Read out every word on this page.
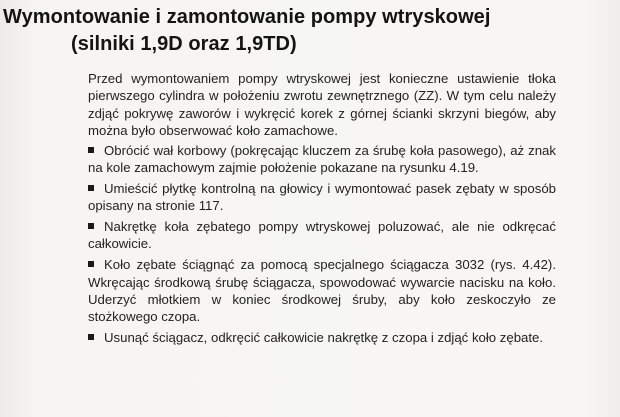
Wymontowanie i zamontowanie pompy wtryskowej
(silniki 1,9D oraz 1,9TD)

Przed wymontowaniem pompy wtryskowej jest konieczne ustawienie tłoka pierwszego cylindra w położeniu zwrotu zewnętrznego (ZZ). W tym celu należy zdjąć pokrywę zaworów i wykręcić korek z górnej ścianki skrzyni biegów, aby można było obserwować koło zamachowe.

Obrócić wał korbowy (pokręcając kluczem za śrubę koła pasowego), aż znak na kole zamachowym zajmie położenie pokazane na rysunku 4.19.

Umieścić płytkę kontrolną na głowicy i wymontować pasek zębaty w sposób opisany na stronie 117.

Nakrętkę koła zębatego pompy wtryskowej poluzować, ale nie odkręcać całkowicie.

Koło zębate ściągnąć za pomocą specjalnego ściągacza 3032 (rys. 4.42). Wkręcając środkową śrubę ściągacza, spowodować wywarcie nacisku na koło. Uderzyć młotkiem w koniec środkowej śruby, aby koło zeskoczyło ze stożkowego czopa.

Usunąć ściągacz, odkręcić całkowicie nakrętkę z czopa i zdjąć koło zębate.
